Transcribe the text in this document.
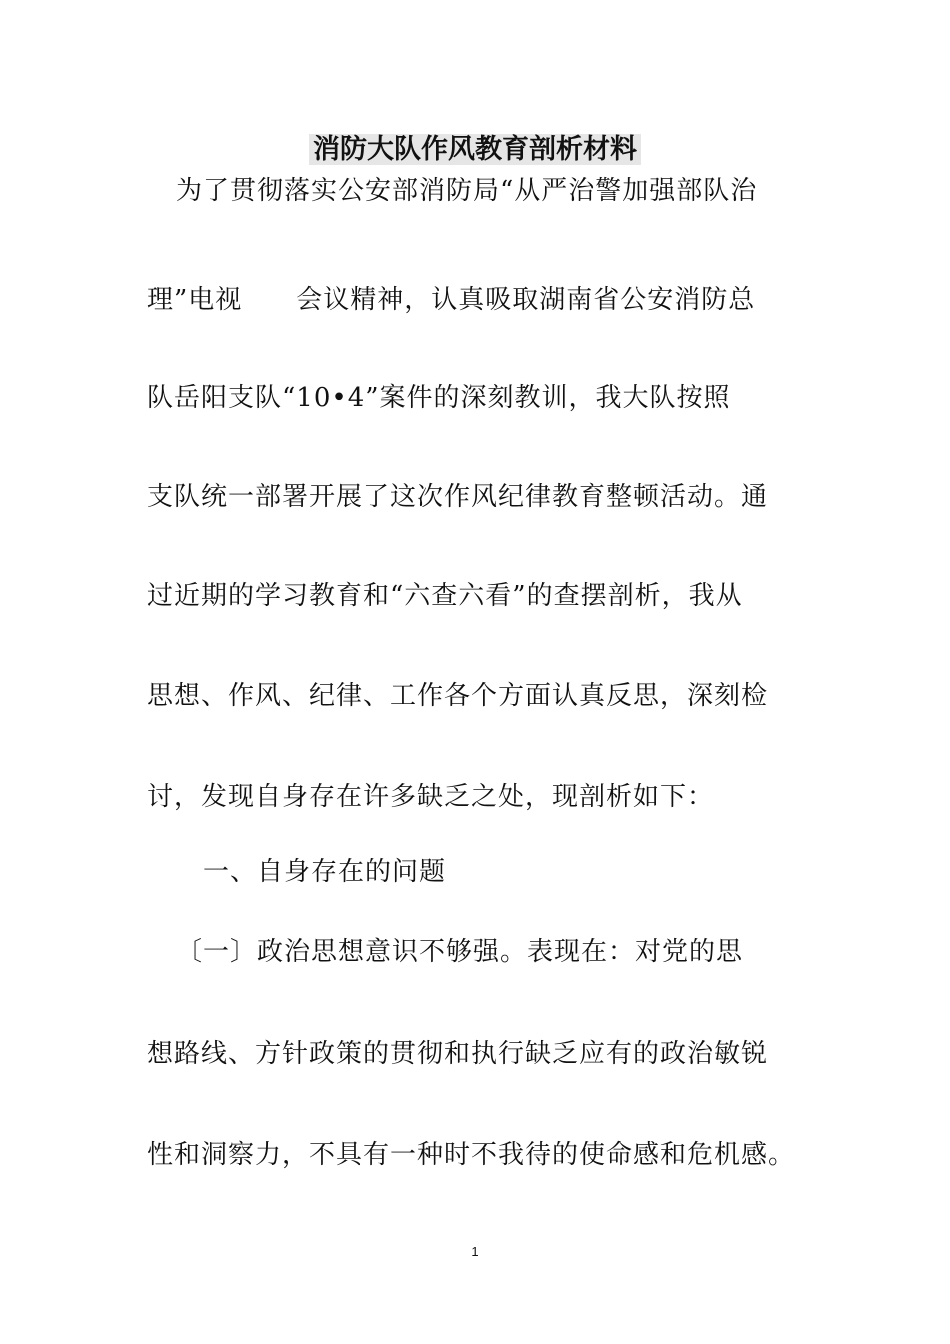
消防大队作风教育剖析材料
为了贯彻落实公安部消防局“从严治警加强部队治
理”电视　　会议精神，认真吸取湖南省公安消防总
队岳阳支队“10•4”案件的深刻教训，我大队按照
支队统一部署开展了这次作风纪律教育整顿活动。通
过近期的学习教育和“六查六看”的查摆剖析，我从
思想、作风、纪律、工作各个方面认真反思，深刻检
讨，发现自身存在许多缺乏之处，现剖析如下：
一、自身存在的问题
〔一〕政治思想意识不够强。表现在：对党的思
想路线、方针政策的贯彻和执行缺乏应有的政治敏锐
性和洞察力，不具有一种时不我待的使命感和危机感。
1
